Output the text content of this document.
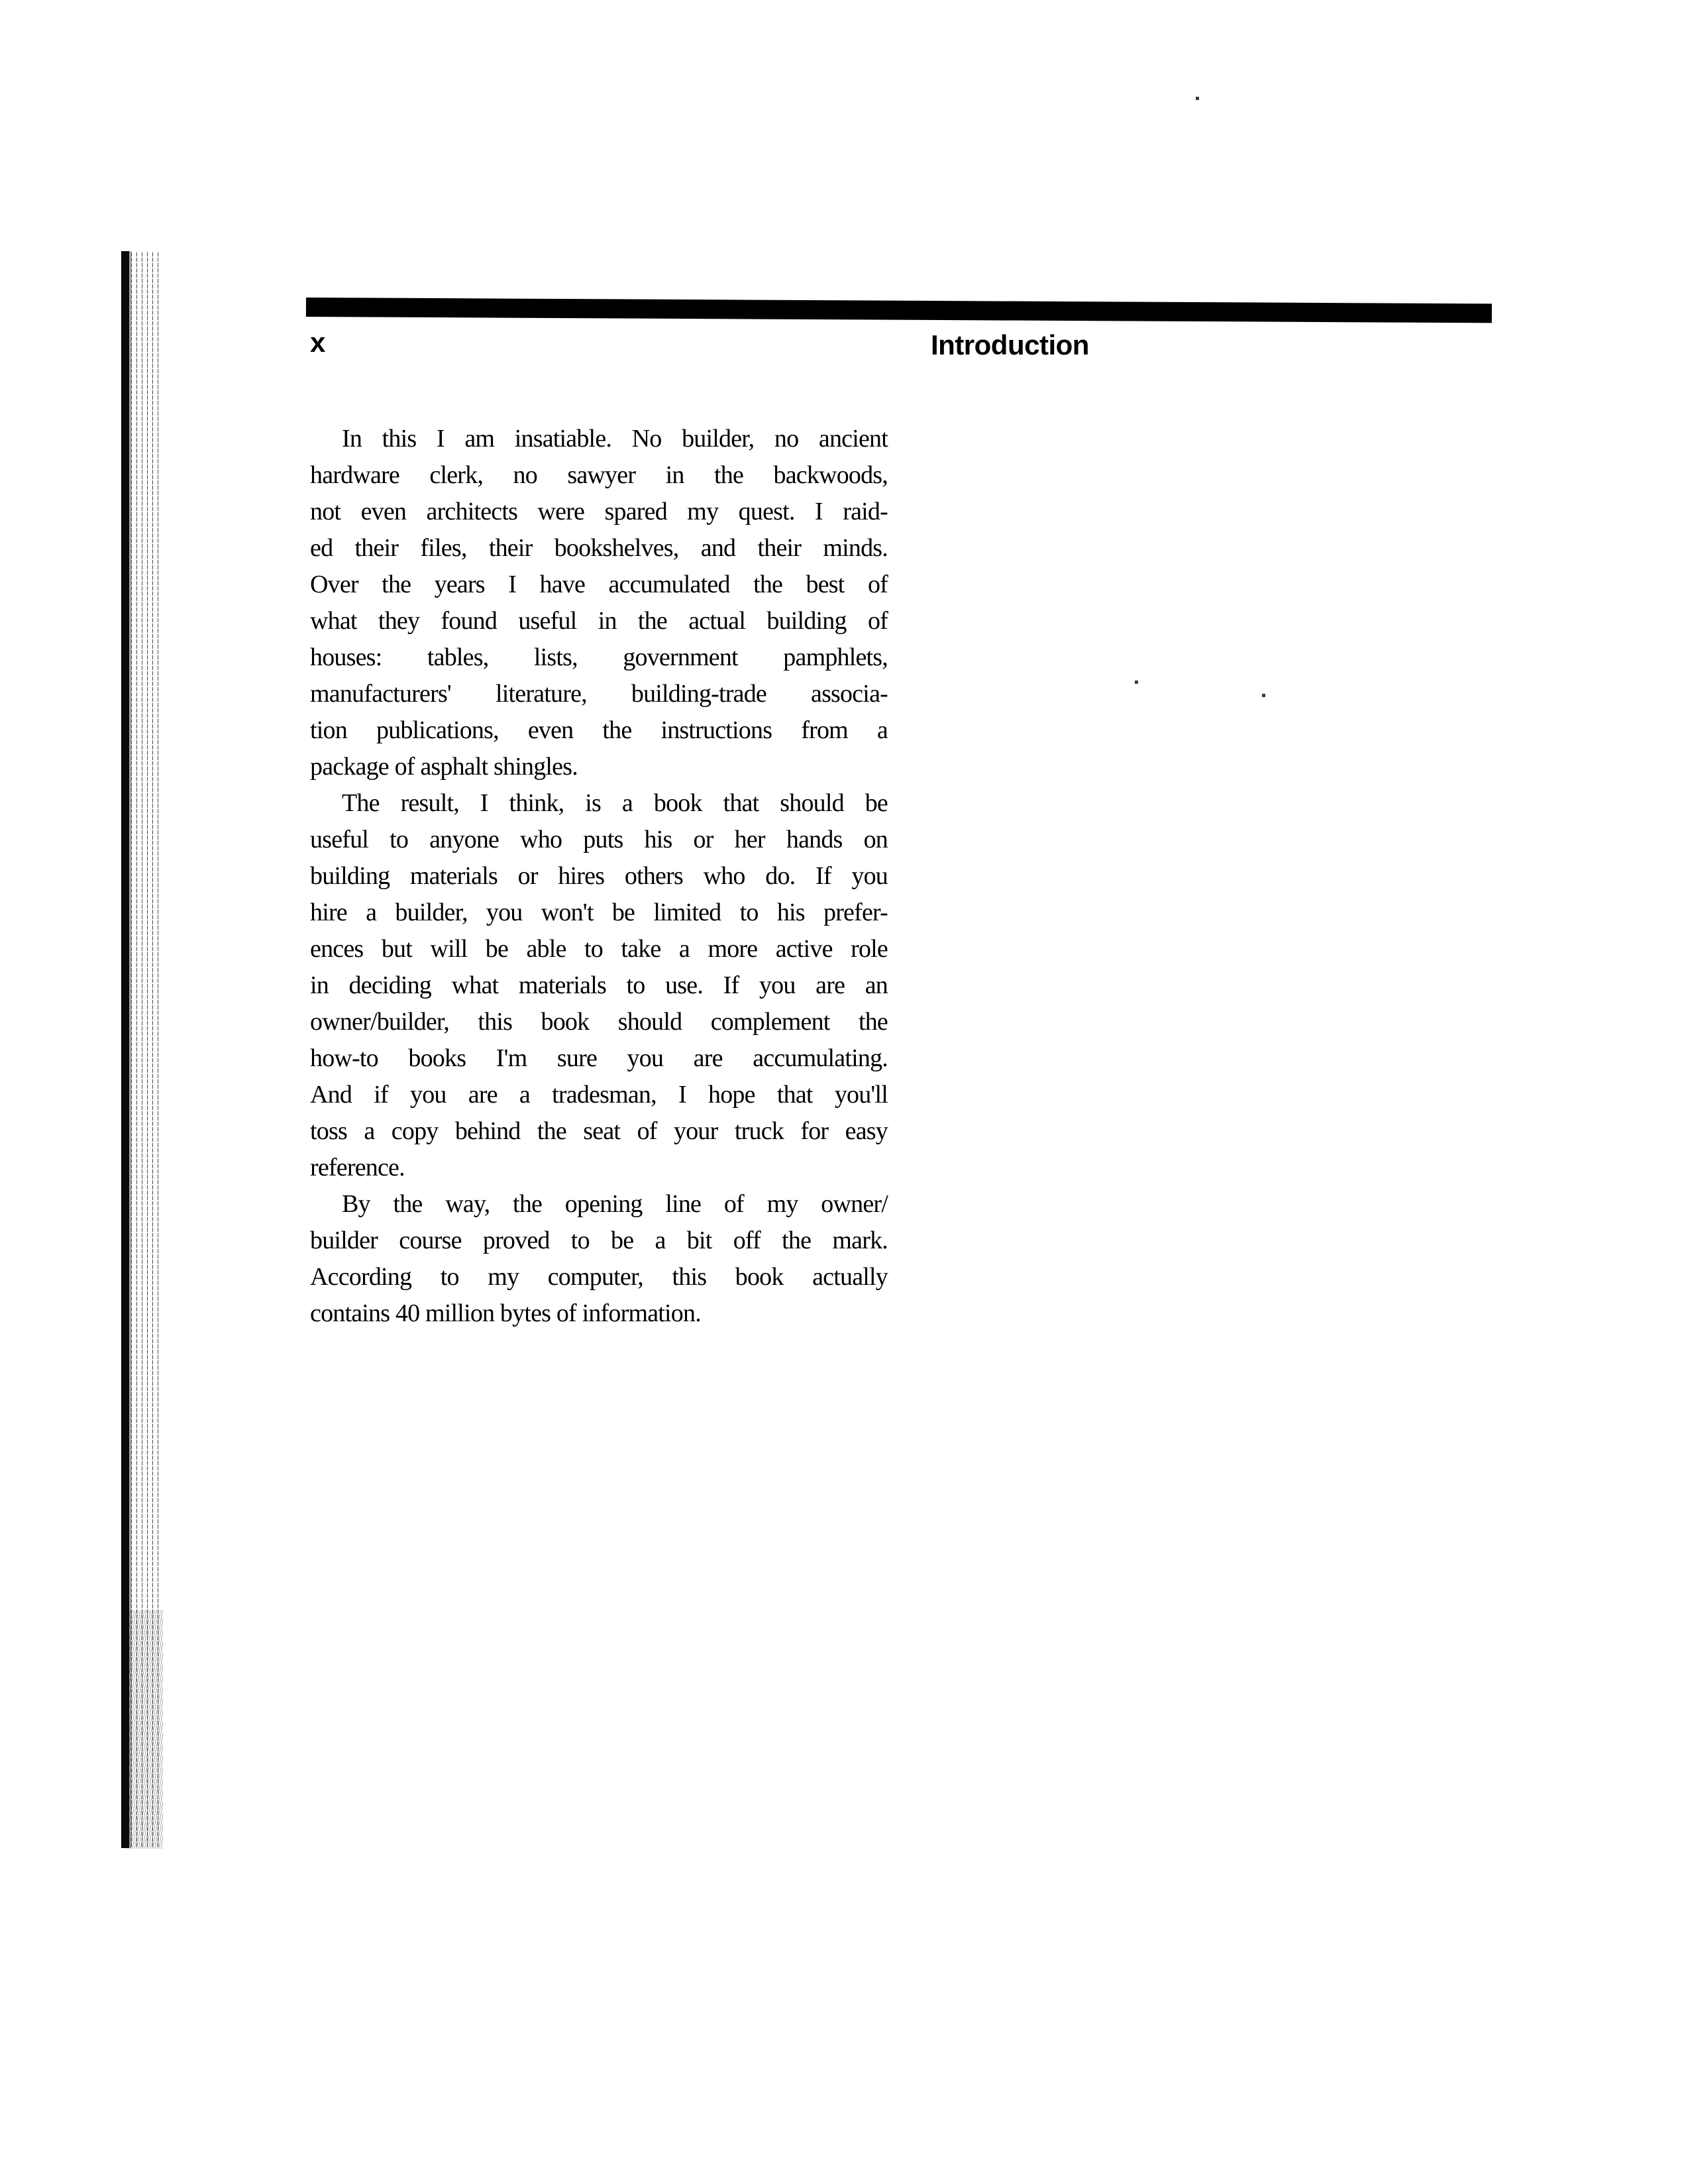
x	Introduction
In this I am insatiable. No builder, no ancient
hardware clerk, no sawyer in the backwoods,
not even architects were spared my quest. I raid-
ed their files, their bookshelves, and their minds.
Over the years I have accumulated the best of
what they found useful in the actual building of
houses: tables, lists, government pamphlets,
manufacturers' literature, building-trade associa-
tion publications, even the instructions from a
package of asphalt shingles.
The result, I think, is a book that should be
useful to anyone who puts his or her hands on
building materials or hires others who do. If you
hire a builder, you won't be limited to his prefer-
ences but will be able to take a more active role
in deciding what materials to use. If you are an
owner/builder, this book should complement the
how-to books I'm sure you are accumulating.
And if you are a tradesman, I hope that you'll
toss a copy behind the seat of your truck for easy
reference.
By the way, the opening line of my owner/
builder course proved to be a bit off the mark.
According to my computer, this book actually
contains 40 million bytes of information.
